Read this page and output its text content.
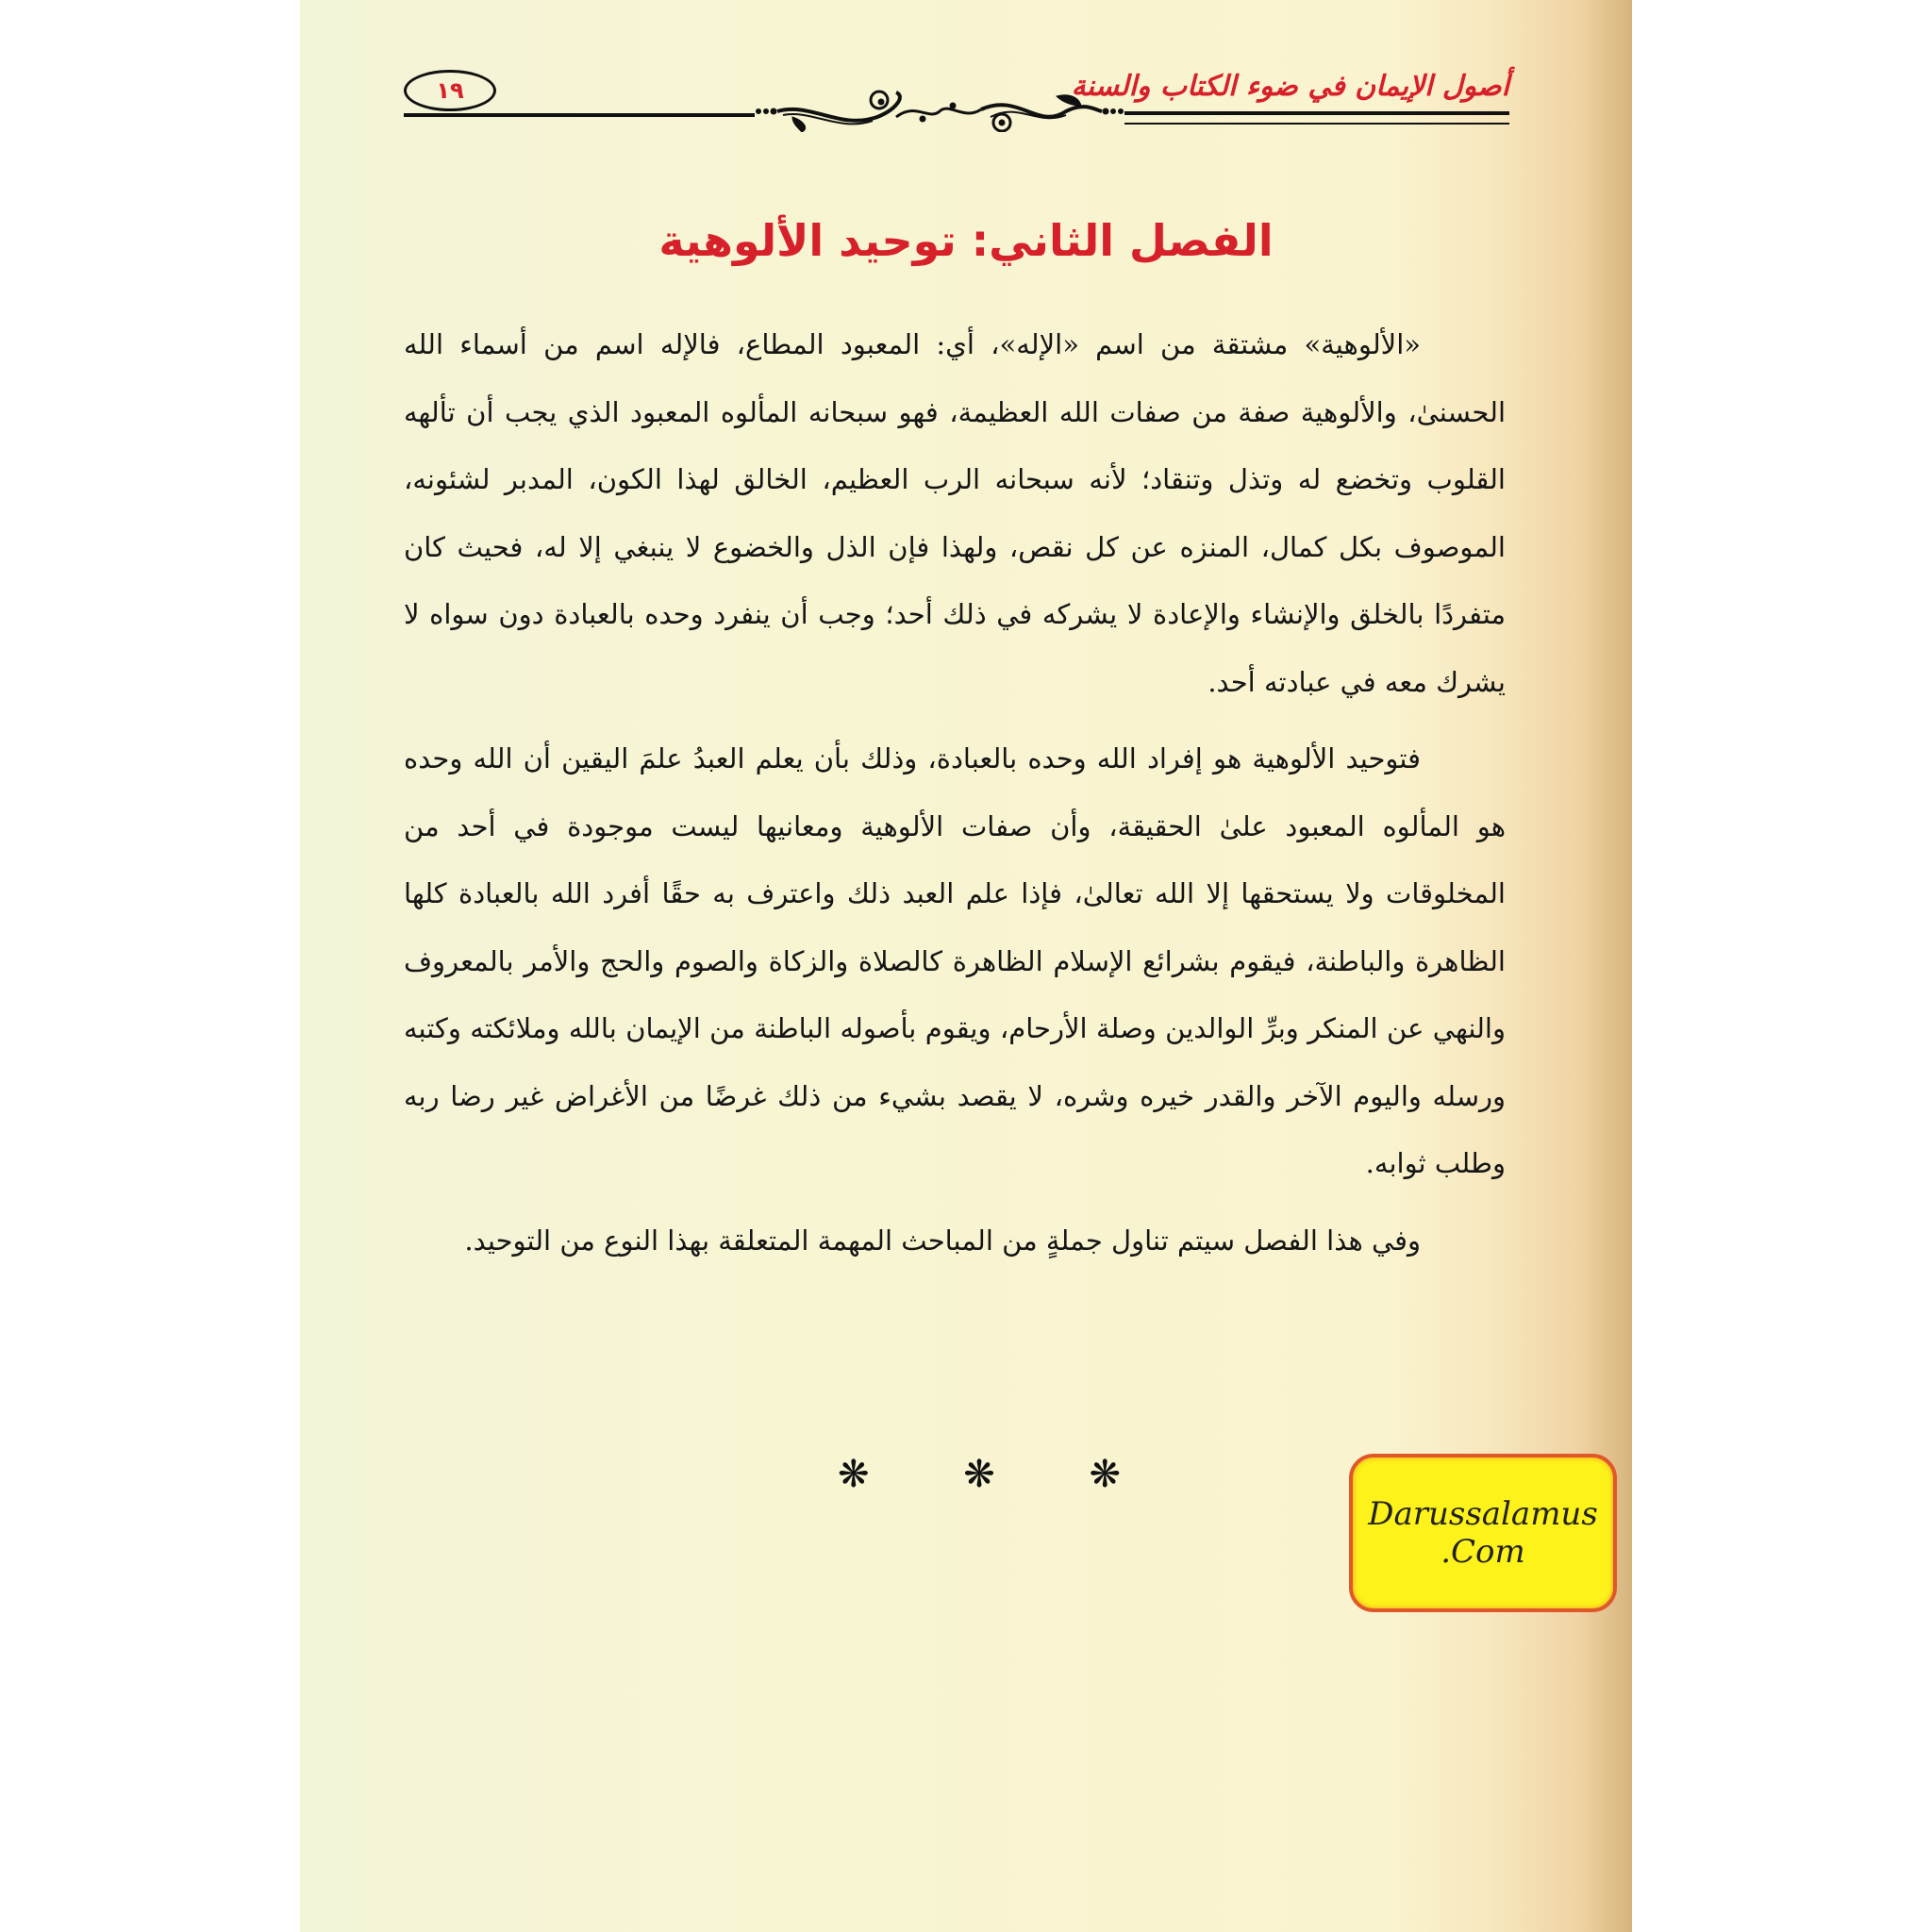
١٩	أصول الإيمان في ضوء الكتاب والسنة
الفصل الثاني: توحيد الألوهية

«الألوهية» مشتقة من اسم «الإله»، أي: المعبود المطاع، فالإله اسم من أسماء الله الحسنىٰ، والألوهية صفة من صفات الله العظيمة، فهو سبحانه المألوه المعبود الذي يجب أن تألهه القلوب وتخضع له وتذل وتنقاد؛ لأنه سبحانه الرب العظيم، الخالق لهذا الكون، المدبر لشئونه، الموصوف بكل كمال، المنزه عن كل نقص، ولهذا فإن الذل والخضوع لا ينبغي إلا له، فحيث كان متفردًا بالخلق والإنشاء والإعادة لا يشركه في ذلك أحد؛ وجب أن ينفرد وحده بالعبادة دون سواه لا يشرك معه في عبادته أحد.

فتوحيد الألوهية هو إفراد الله وحده بالعبادة، وذلك بأن يعلم العبدُ علمَ اليقين أن الله وحده هو المألوه المعبود علىٰ الحقيقة، وأن صفات الألوهية ومعانيها ليست موجودة في أحد من المخلوقات ولا يستحقها إلا الله تعالىٰ، فإذا علم العبد ذلك واعترف به حقًا أفرد الله بالعبادة كلها الظاهرة والباطنة، فيقوم بشرائع الإسلام الظاهرة كالصلاة والزكاة والصوم والحج والأمر بالمعروف والنهي عن المنكر وبرِّ الوالدين وصلة الأرحام، ويقوم بأصوله الباطنة من الإيمان بالله وملائكته وكتبه ورسله واليوم الآخر والقدر خيره وشره، لا يقصد بشيء من ذلك غرضًا من الأغراض غير رضا ربه وطلب ثوابه.

وفي هذا الفصل سيتم تناول جملةٍ من المباحث المهمة المتعلقة بهذا النوع من التوحيد.

❋ ❋ ❋
Darussalamus
.Com
